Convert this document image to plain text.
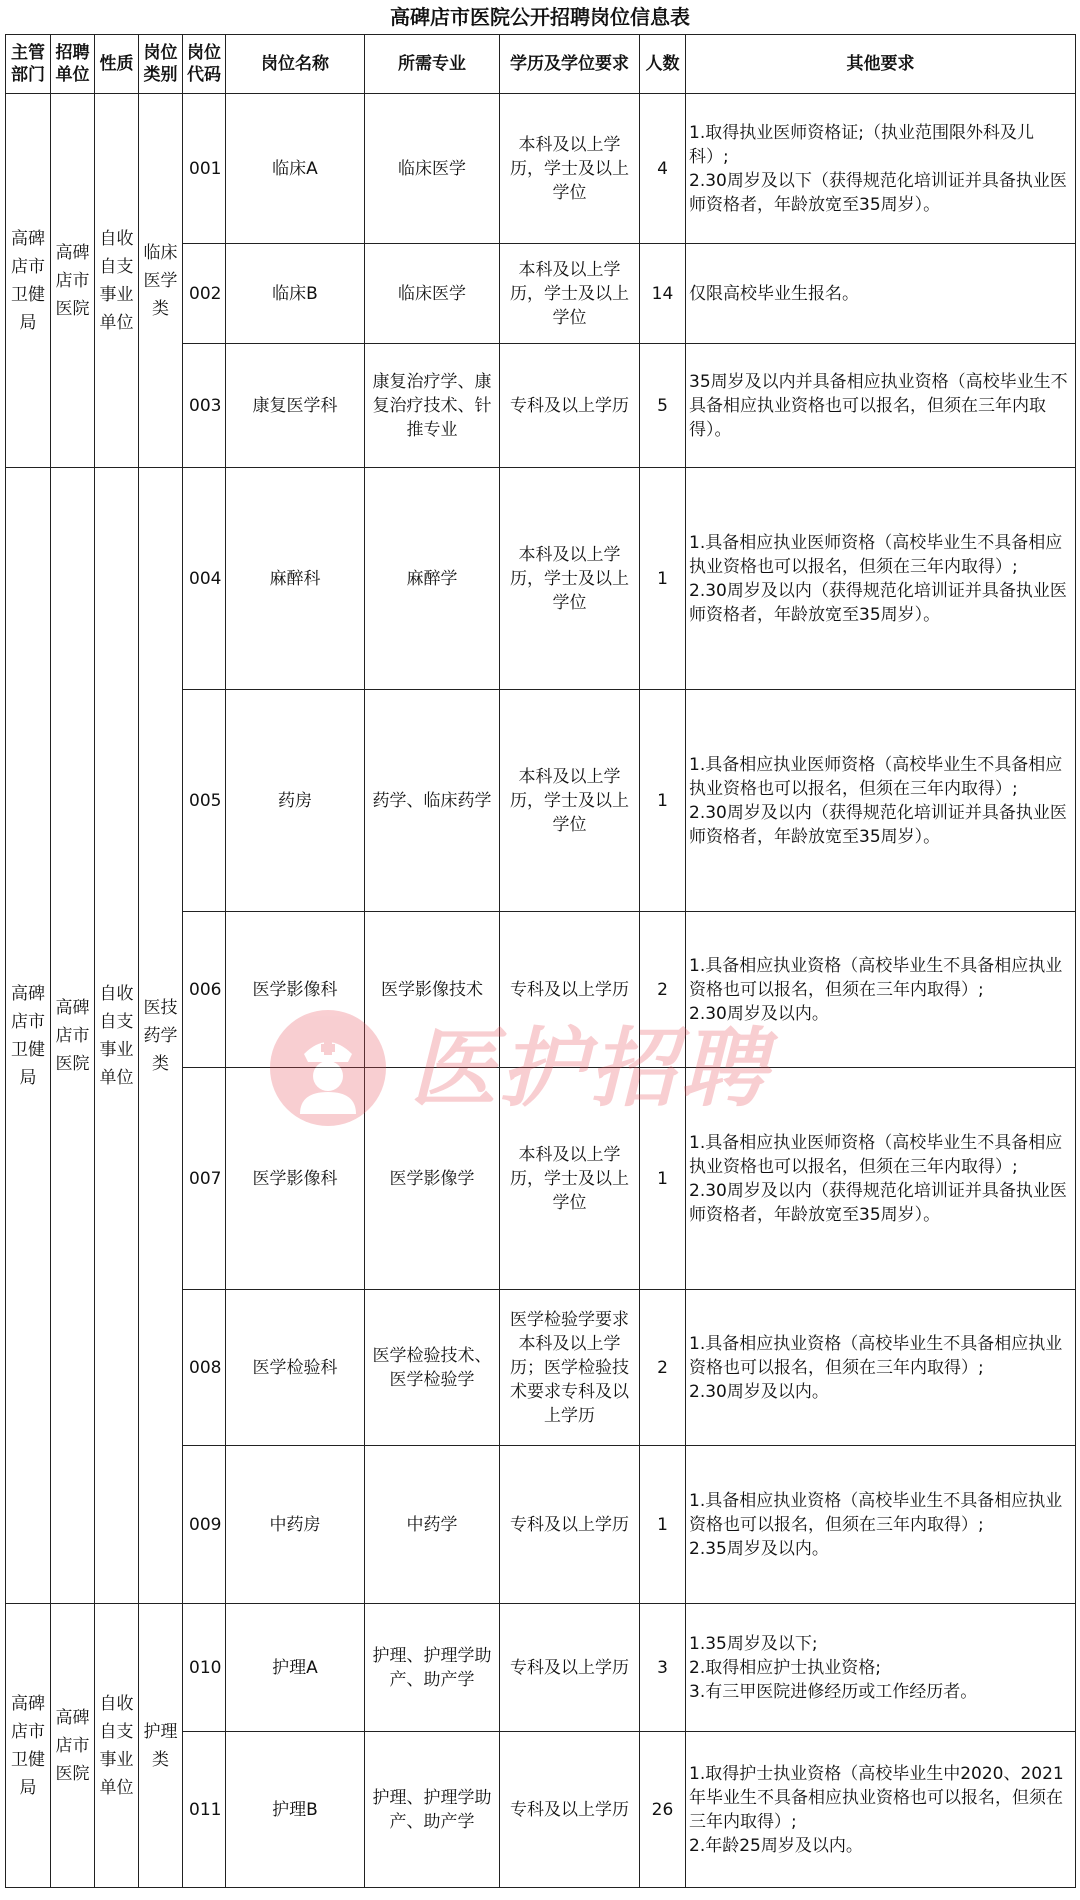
高碑店市医院公开招聘岗位信息表
主管部门	招聘单位	性质	岗位类别	岗位代码	岗位名称	所需专业	学历及学位要求	人数	其他要求
高碑店市卫健局	高碑店市医院	自收自支事业单位	临床医学类	001	临床A	临床医学	本科及以上学历，学士及以上学位	4	1.取得执业医师资格证;（执业范围限外科及儿科）;
2.30周岁及以下（获得规范化培训证并具备执业医师资格者，年龄放宽至35周岁）。
				002	临床B	临床医学	本科及以上学历，学士及以上学位	14	仅限高校毕业生报名。
				003	康复医学科	康复治疗学、康复治疗技术、针推专业	专科及以上学历	5	35周岁及以内并具备相应执业资格（高校毕业生不具备相应执业资格也可以报名，但须在三年内取得）。
高碑店市卫健局	高碑店市医院	自收自支事业单位	医技药学类	004	麻醉科	麻醉学	本科及以上学历，学士及以上学位	1	1.具备相应执业医师资格（高校毕业生不具备相应执业资格也可以报名，但须在三年内取得）;
2.30周岁及以内（获得规范化培训证并具备执业医师资格者，年龄放宽至35周岁）。
				005	药房	药学、临床药学	本科及以上学历，学士及以上学位	1	1.具备相应执业医师资格（高校毕业生不具备相应执业资格也可以报名，但须在三年内取得）;
2.30周岁及以内（获得规范化培训证并具备执业医师资格者，年龄放宽至35周岁）。
				006	医学影像科	医学影像技术	专科及以上学历	2	1.具备相应执业资格（高校毕业生不具备相应执业资格也可以报名，但须在三年内取得）;
2.30周岁及以内。
				007	医学影像科	医学影像学	本科及以上学历，学士及以上学位	1	1.具备相应执业医师资格（高校毕业生不具备相应执业资格也可以报名，但须在三年内取得）;
2.30周岁及以内（获得规范化培训证并具备执业医师资格者，年龄放宽至35周岁）。
				008	医学检验科	医学检验技术、医学检验学	医学检验学要求本科及以上学历；医学检验技术要求专科及以上学历	2	1.具备相应执业资格（高校毕业生不具备相应执业资格也可以报名，但须在三年内取得）;
2.30周岁及以内。
				009	中药房	中药学	专科及以上学历	1	1.具备相应执业资格（高校毕业生不具备相应执业资格也可以报名，但须在三年内取得）;
2.35周岁及以内。
高碑店市卫健局	高碑店市医院	自收自支事业单位	护理类	010	护理A	护理、护理学助产、助产学	专科及以上学历	3	1.35周岁及以下;
2.取得相应护士执业资格;
3.有三甲医院进修经历或工作经历者。
				011	护理B	护理、护理学助产、助产学	专科及以上学历	26	1.取得护士执业资格（高校毕业生中2020、2021年毕业生不具备相应执业资格也可以报名，但须在三年内取得）;
2.年龄25周岁及以内。
医护招聘
